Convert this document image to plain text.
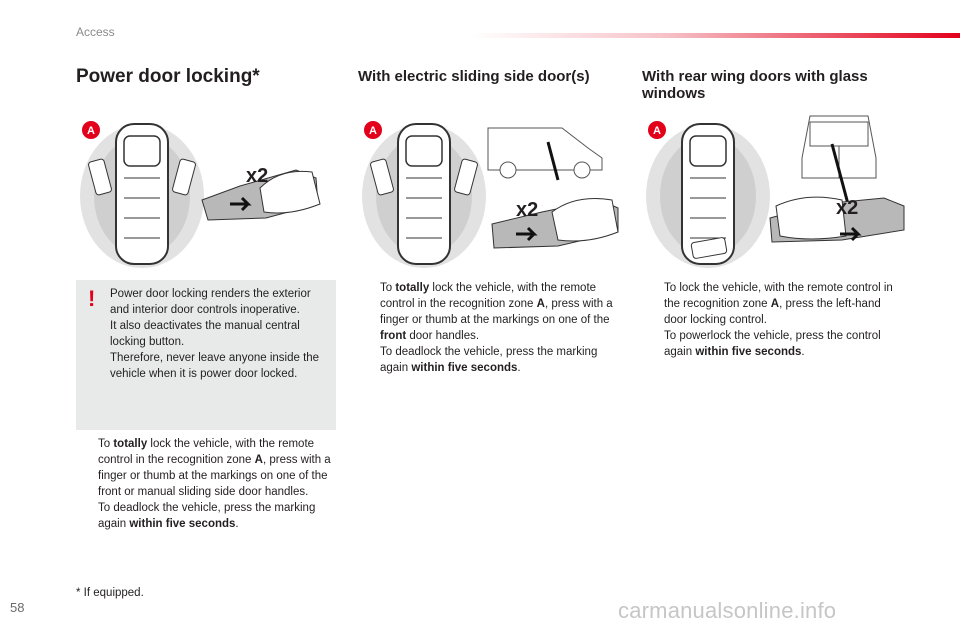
Access
Power door locking*	With electric sliding side door(s)	With rear wing doors with glass windows
A
x2
A
x2
A
x2
! Power door locking renders the exterior and interior door controls inoperative.
It also deactivates the manual central locking button.
Therefore, never leave anyone inside the vehicle when it is power door locked.
To totally lock the vehicle, with the remote control in the recognition zone A, press with a finger or thumb at the markings on one of the front or manual sliding side door handles.
To deadlock the vehicle, press the marking again within five seconds.
To totally lock the vehicle, with the remote control in the recognition zone A, press with a finger or thumb at the markings on one of the front door handles.
To deadlock the vehicle, press the marking again within five seconds.
To lock the vehicle, with the remote control in the recognition zone A, press the left-hand door locking control.
To powerlock the vehicle, press the control again within five seconds.
* If equipped.
58	carmanualsonline.info
